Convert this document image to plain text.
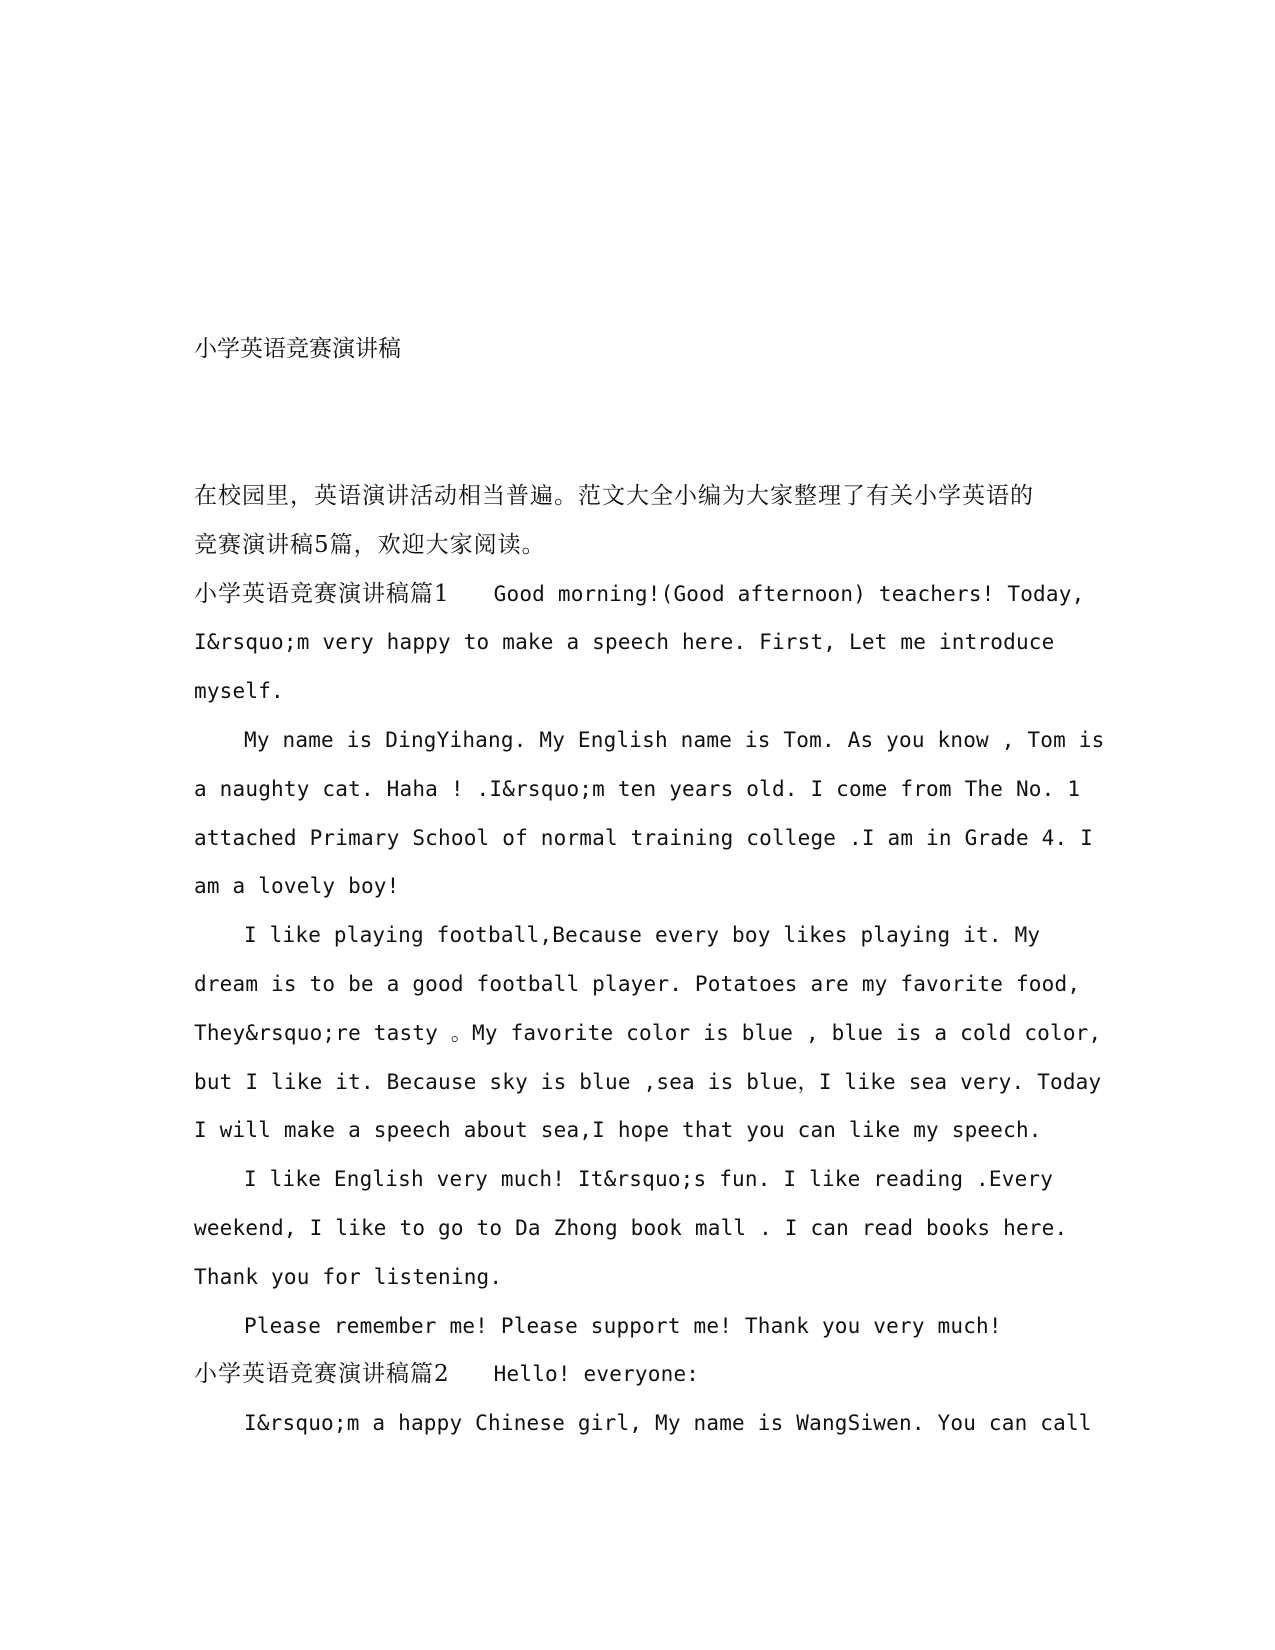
小学英语竞赛演讲稿
在校园里，英语演讲活动相当普遍。范文大全小编为大家整理了有关小学英语的
竞赛演讲稿5篇，欢迎大家阅读。
小学英语竞赛演讲稿篇1 Good morning!(Good afternoon) teachers! Today,
I&rsquo;m very happy to make a speech here. First, Let me introduce
myself.
My name is DingYihang. My English name is Tom. As you know , Tom is
a naughty cat. Haha ! .I&rsquo;m ten years old. I come from The No. 1
attached Primary School of normal training college .I am in Grade 4. I
am a lovely boy!
I like playing football,Because every boy likes playing it. My
dream is to be a good football player. Potatoes are my favorite food,
They&rsquo;re tasty 。My favorite color is blue , blue is a cold color,
but I like it. Because sky is blue ,sea is blue，I like sea very. Today
I will make a speech about sea,I hope that you can like my speech.
I like English very much! It&rsquo;s fun. I like reading .Every
weekend, I like to go to Da Zhong book mall . I can read books here.
Thank you for listening.
Please remember me! Please support me! Thank you very much!
小学英语竞赛演讲稿篇2 Hello! everyone:
I&rsquo;m a happy Chinese girl, My name is WangSiwen. You can call
